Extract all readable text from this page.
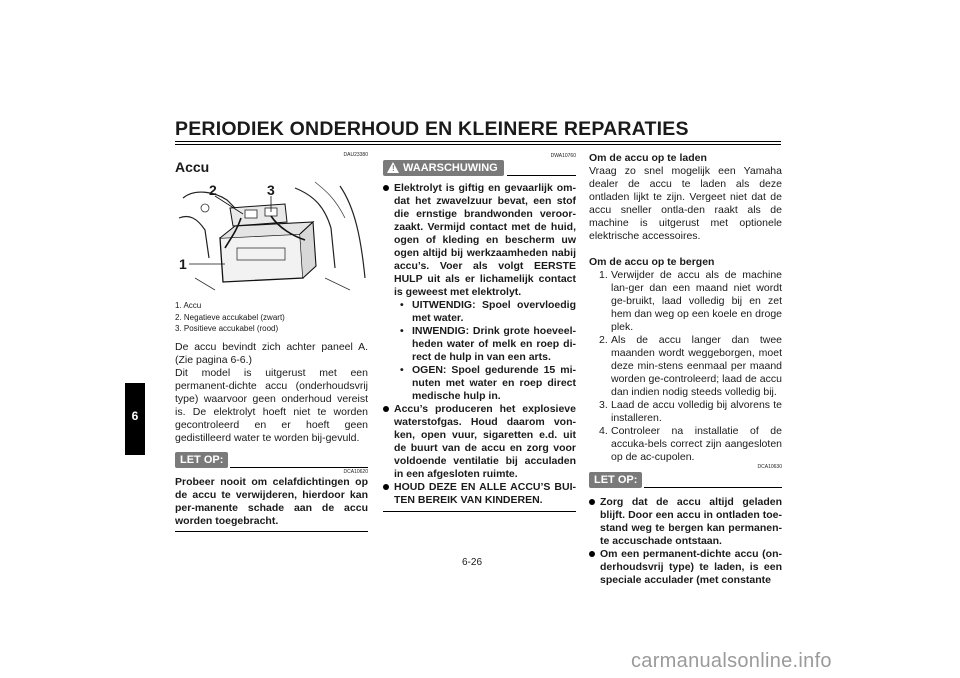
PERIODIEK ONDERHOUD EN KLEINERE REPARATIES
6
DAU23380
Accu
2	3
1
1. Accu
2. Negatieve accukabel (zwart)
3. Positieve accukabel (rood)

De accu bevindt zich achter paneel A. (Zie pagina 6-6.)
Dit model is uitgerust met een permanent-dichte accu (onderhoudsvrij type) waarvoor geen onderhoud vereist is. De elektrolyt hoeft niet te worden gecontroleerd en er hoeft geen gedistilleerd water te worden bij-gevuld.

LET OP:
DCA10620

Probeer nooit om celafdichtingen op de accu te verwijderen, hierdoor kan per-manente schade aan de accu worden toegebracht.

DWA10760
! WAARSCHUWING
Elektrolyt is giftig en gevaarlijk om-dat het zwavelzuur bevat, een stof die ernstige brandwonden veroor-zaakt. Vermijd contact met de huid, ogen of kleding en bescherm uw ogen altijd bij werkzaamheden nabij accu’s. Voer als volgt EERSTE HULP uit als er lichamelijk contact is geweest met elektrolyt.
• UITWENDIG: Spoel overvloedig met water.
• INWENDIG: Drink grote hoeveel-heden water of melk en roep di-rect de hulp in van een arts.
• OGEN: Spoel gedurende 15 mi-nuten met water en roep direct medische hulp in.
Accu’s produceren het explosieve waterstofgas. Houd daarom von-ken, open vuur, sigaretten e.d. uit de buurt van de accu en zorg voor voldoende ventilatie bij acculaden in een afgesloten ruimte.
HOUD DEZE EN ALLE ACCU’S BUI-TEN BEREIK VAN KINDEREN.
Om de accu op te laden

Vraag zo snel mogelijk een Yamaha dealer de accu te laden als deze ontladen lijkt te zijn. Vergeet niet dat de accu sneller ontla-den raakt als de machine is uitgerust met optionele elektrische accessoires.

Om de accu op te bergen
1. Verwijder de accu als de machine lan-ger dan een maand niet wordt ge-bruikt, laad volledig bij en zet hem dan weg op een koele en droge plek.
2. Als de accu langer dan twee maanden wordt weggeborgen, moet deze min-stens eenmaal per maand worden ge-controleerd; laad de accu dan indien nodig steeds volledig bij.
3. Laad de accu volledig bij alvorens te installeren.
4. Controleer na installatie of de accuka-bels correct zijn aangesloten op de ac-cupolen.
LET OP:
DCA10630
Zorg dat de accu altijd geladen blijft. Door een accu in ontladen toe-stand weg te bergen kan permanen-te accuschade ontstaan.
Om een permanent-dichte accu (on-derhoudsvrij type) te laden, is een speciale acculader (met constante
6-26
carmanualsonline.info
